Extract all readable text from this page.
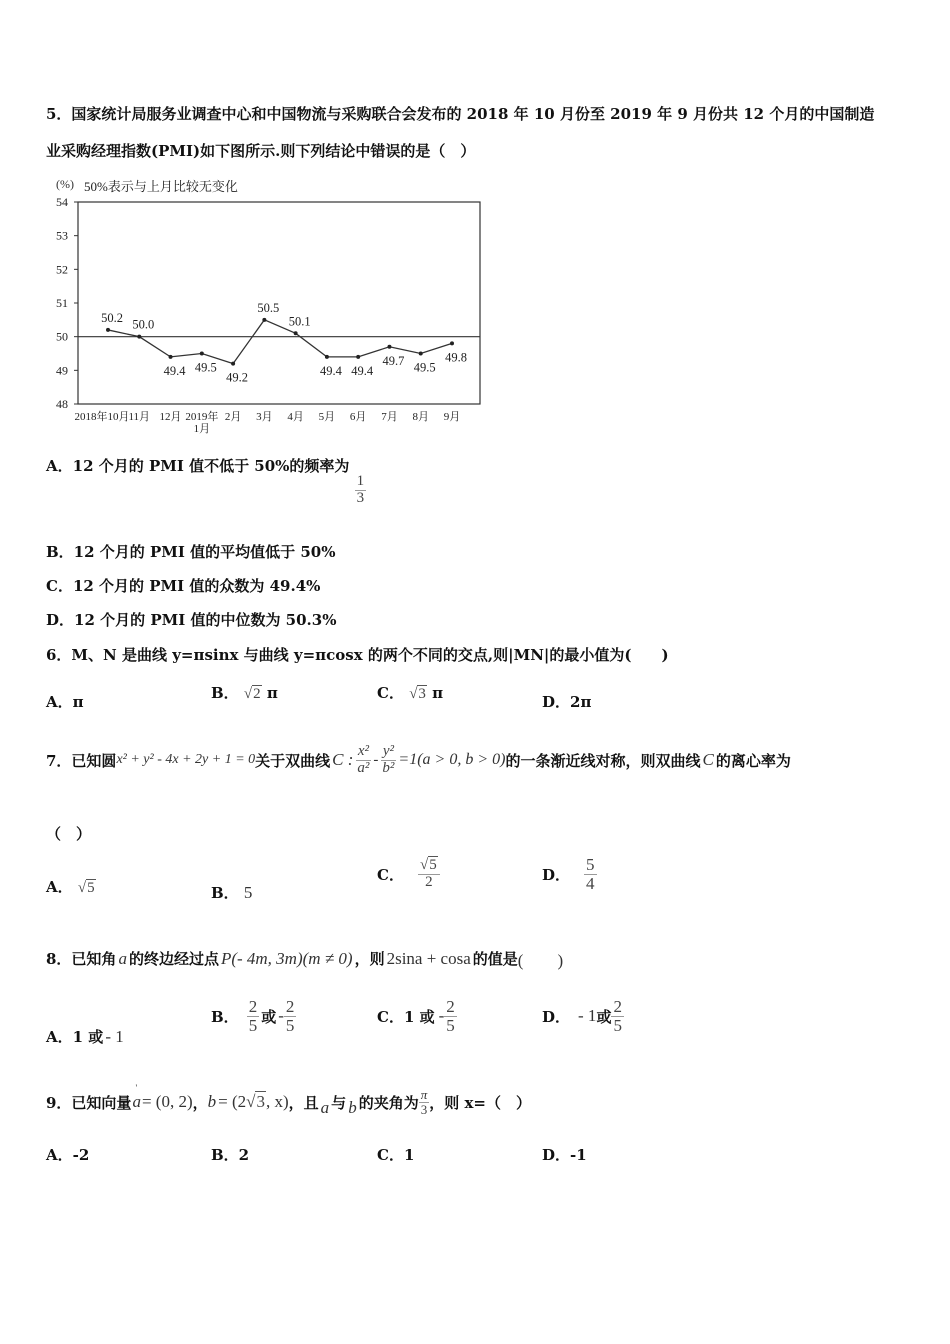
5．国家统计局服务业调查中心和中国物流与采购联合会发布的 2018 年 10 月份至 2019 年 9 月份共 12 个月的中国制造
业采购经理指数(PMI)如下图所示.则下列结论中错误的是（　）
(%) 50%表示与上月比较无变化
48
49
50
51
52
53
54
50.2 50.0
49.4 49.5
49.2
50.5
50.1
49.4 49.4
49.7 49.5
49.8
2018年10月
11月 12月 2019年
1月
2月 3月 4月 5月 6月 7月 8月 9月
A．12 个月的 PMI 值不低于 50%的频率为
$\frac{1}{3}$
B．12 个月的 PMI 值的平均值低于 50%
C．12 个月的 PMI 值的众数为 49.4%
D．12 个月的 PMI 值的中位数为 50.3%
6．M、N 是曲线 y=πsinx 与曲线 y=πcosx 的两个不同的交点,则|MN|的最小值为(　　)
A．π	B． √2 π	C． √3 π	D．2π
7．已知圆 x² + y² - 4x + 2y + 1 = 0 关于双曲线 C : $\frac{\text{x²}}{\text{a²}} - \frac{\text{y²}}{\text{b²}} =1(a > 0$, b > 0) 的一条渐近线对称，则双曲线 C 的离心率为
（　）
A． √5	B． 5
C． $\frac{√5}{2}$	D． $\frac{5}{4}$
8．已知角 a 的终边经过点 P(- 4m, 3m)(m ≠ 0) ，则 2sina + cosa 的值是 (　　)
A．1 或 - 1
B． $\frac{2}{5}$ 或 - $\frac{2}{5}$	C．1 或 - $\frac{2}{5}$	D． - 1 或 $\frac{2}{5}$
9．已知向量
'
a = (0, 2) ， b = (2 √3 , x) ，且 a 与 b 的夹角为 $\frac{\pi}{3}$ ，则 x=（　）
A．-2	B．2	C．1	D．-1
